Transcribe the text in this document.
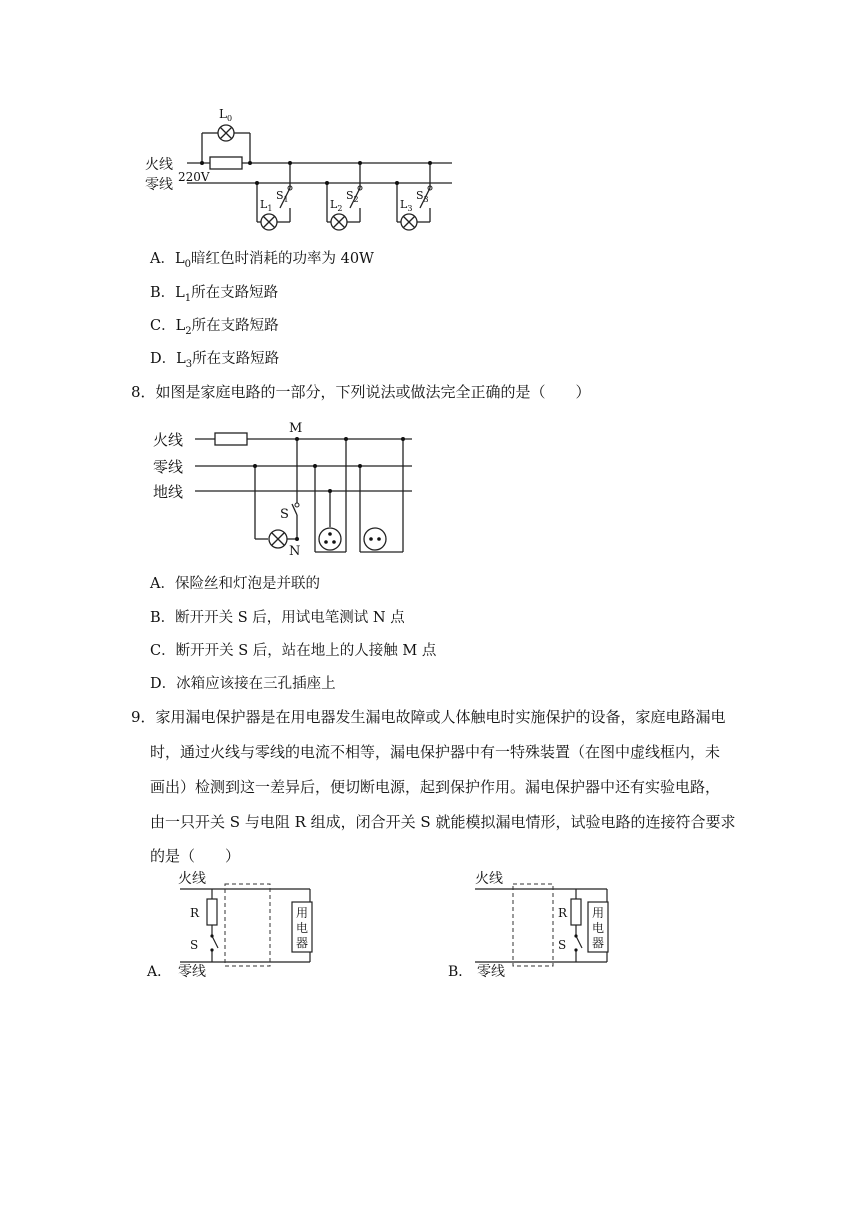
火线
零线 220V
$L_0$
$S_1$	$S_2$	$S_3$
$L_1$	$L_2$	$L_3$
A．$L_0$暗红色时消耗的功率为 40W
B．$L_1$所在支路短路
C．$L_2$所在支路短路
D．$L_3$所在支路短路
8．如图是家庭电路的一部分，下列说法或做法完全正确的是（　　）
火线
零线
地线
M
S
N
A．保险丝和灯泡是并联的
B．断开开关 S 后，用试电笔测试 N 点
C．断开开关 S 后，站在地上的人接触 M 点
D．冰箱应该接在三孔插座上
9．家用漏电保护器是在用电器发生漏电故障或人体触电时实施保护的设备，家庭电路漏电
时，通过火线与零线的电流不相等，漏电保护器中有一特殊装置（在图中虚线框内，未
画出）检测到这一差异后，便切断电源，起到保护作用。漏电保护器中还有实验电路，
由一只开关 S 与电阻 R 组成，闭合开关 S 就能模拟漏电情形，试验电路的连接符合要求
的是（　　）
火线
零线
A．
R
S
用
电
器
火线
零线
B．
R
S
用
电
器
